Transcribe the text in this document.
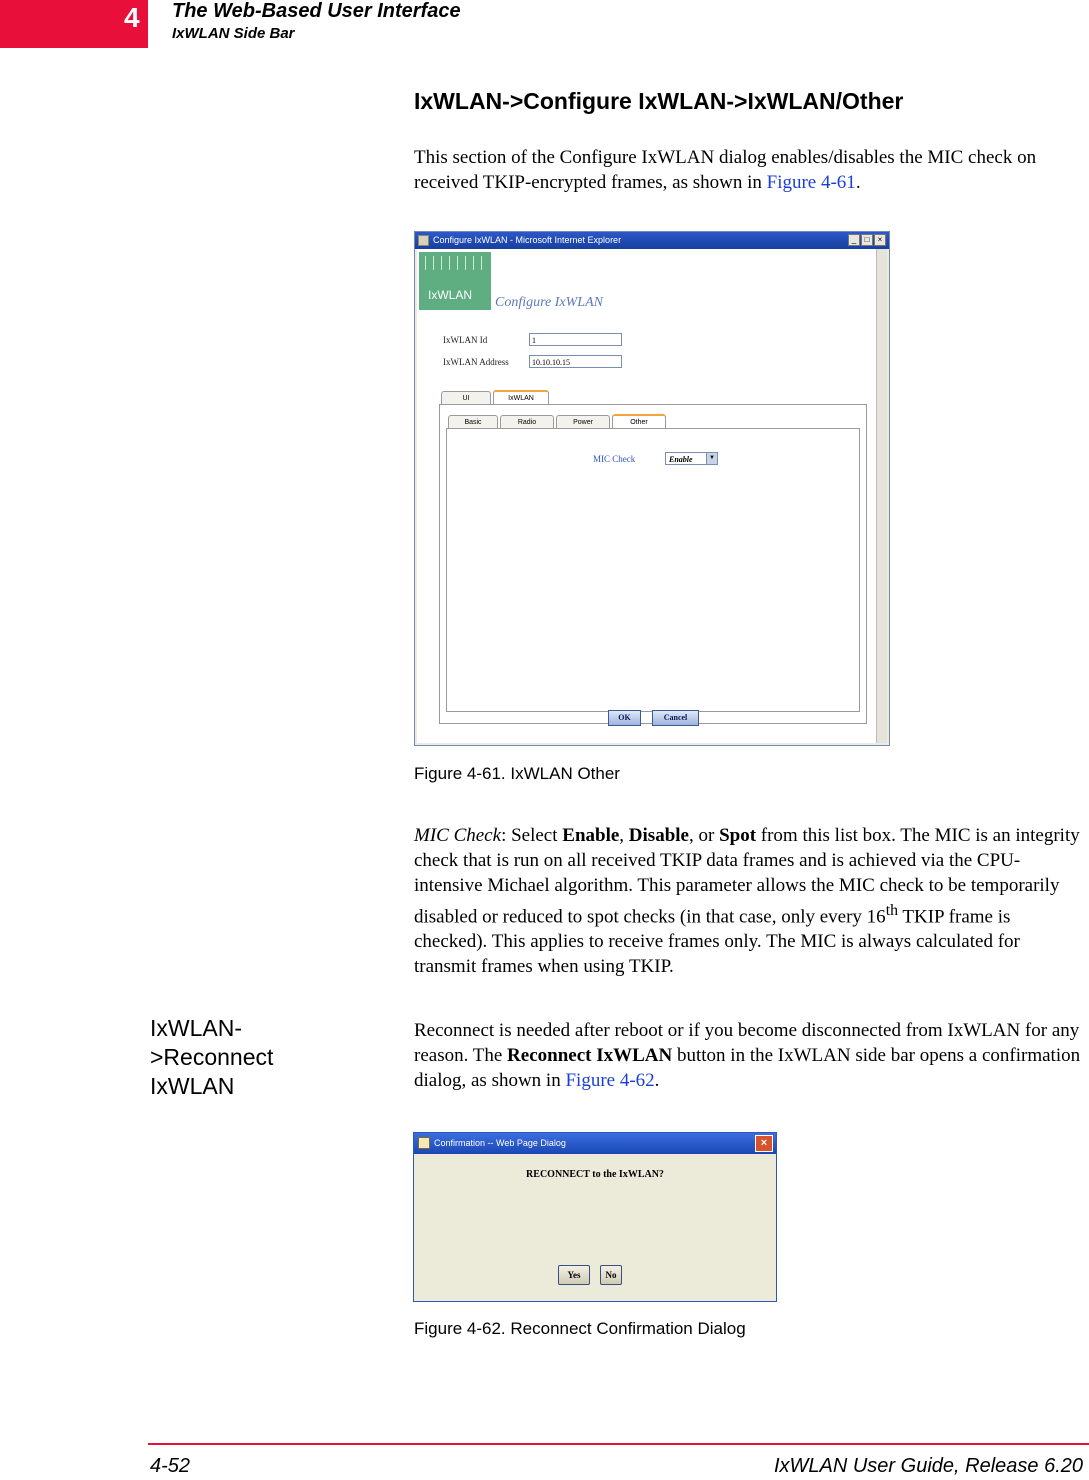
4 The Web-Based User Interface
IxWLAN Side Bar
IxWLAN->Configure IxWLAN->IxWLAN/Other

This section of the Configure IxWLAN dialog enables/disables the MIC check on received TKIP-encrypted frames, as shown in Figure 4-61.

Configure IxWLAN - Microsoft Internet Explorer	_	□	×
IxWLAN Configure IxWLAN
IxWLAN Id	1
IxWLAN Address	10.10.10.15
UI	IxWLAN
Basic	Radio	Power	Other
MIC Check	Enable	▼
OK	Cancel
Figure 4-61. IxWLAN Other

MIC Check: Select Enable, Disable, or Spot from this list box. The MIC is an integrity check that is run on all received TKIP data frames and is achieved via the CPU-intensive Michael algorithm. This parameter allows the MIC check to be temporarily disabled or reduced to spot checks (in that case, only every 16th TKIP frame is checked). This applies to receive frames only. The MIC is always calculated for transmit frames when using TKIP.

IxWLAN->Reconnect IxWLAN

Reconnect is needed after reboot or if you become disconnected from IxWLAN for any reason. The Reconnect IxWLAN button in the IxWLAN side bar opens a confirmation dialog, as shown in Figure 4-62.

Confirmation -- Web Page Dialog	×
RECONNECT to the IxWLAN?
Yes	No
Figure 4-62. Reconnect Confirmation Dialog
4-52	IxWLAN User Guide, Release 6.20
